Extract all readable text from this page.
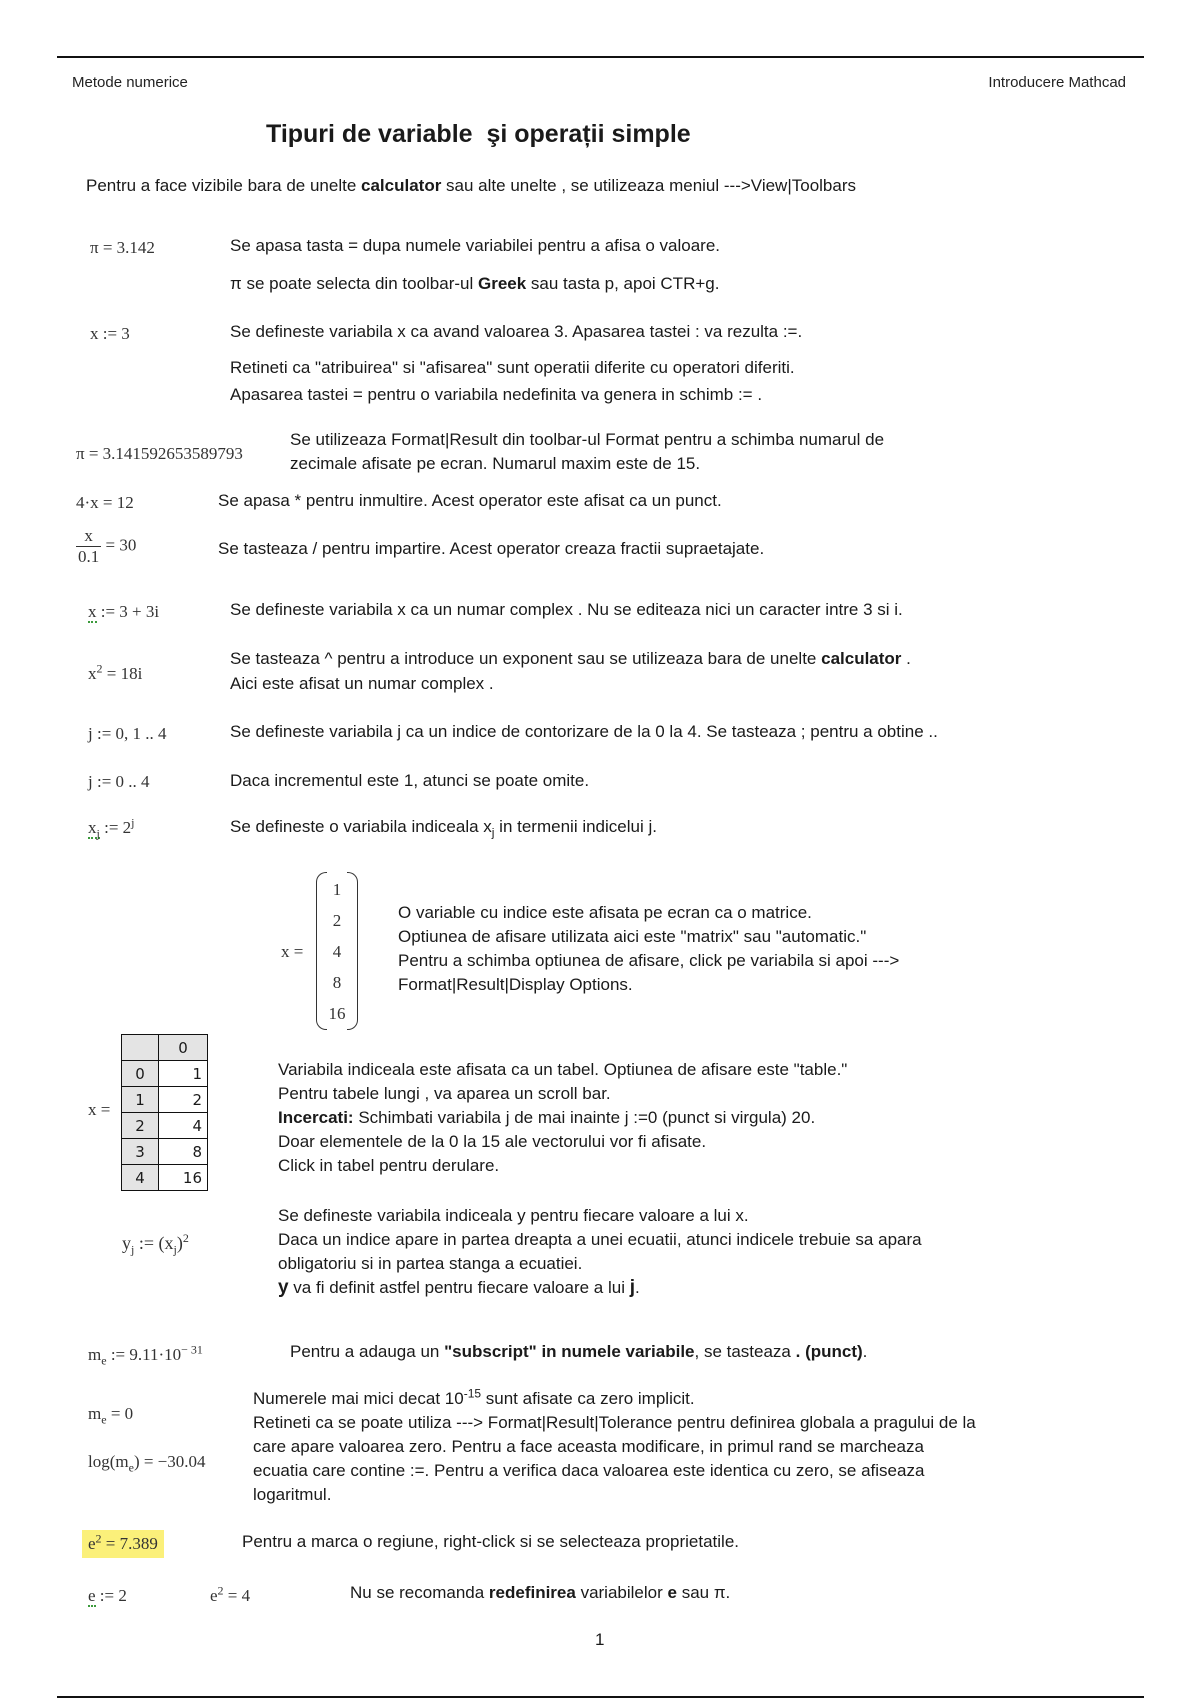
Metode numerice	Introducere Mathcad
Tipuri de variable  şi operații simple
Pentru a face vizibile bara de unelte calculator sau alte unelte , se utilizeaza meniul --->View|Toolbars
π = 3.142	Se apasa tasta = dupa numele variabilei pentru a afisa o valoare.
π se poate selecta din toolbar-ul Greek sau tasta p, apoi CTR+g.
x := 3	Se defineste variabila x ca avand valoarea 3. Apasarea tastei : va rezulta :=.
Retineti ca "atribuirea" si "afisarea" sunt operatii diferite cu operatori diferiti.
Apasarea tastei = pentru o variabila nedefinita va genera in schimb := .
π = 3.141592653589793
Se utilizeaza Format|Result din toolbar-ul Format pentru a schimba numarul de
zecimale afisate pe ecran. Numarul maxim este de 15.
4·x = 12	Se apasa * pentru inmultire. Acest operator este afisat ca un punct.
$\frac{x}{0.1} = 30$	Se tasteaza / pentru impartire. Acest operator creaza fractii supraetajate.
x := 3 + 3i	Se defineste variabila x ca un numar complex . Nu se editeaza nici un caracter intre 3 si i.
$x^2 = 18i$
Se tasteaza ^ pentru a introduce un exponent sau se utilizeaza bara de unelte calculator .
Aici este afisat un numar complex .
j := 0, 1 .. 4	Se defineste variabila j ca un indice de contorizare de la 0 la 4. Se tasteaza ; pentru a obtine ..
j := 0 .. 4	Daca incrementul este 1, atunci se poate omite.
$x_j$ := $2^j$	Se defineste o variabila indiceala $x_j$ in termenii indicelui j.
x =
1
2
4
8
16
O variable cu indice este afisata pe ecran ca o matrice.
Optiunea de afisare utilizata aici este "matrix" sau "automatic."
Pentru a schimba optiunea de afisare, click pe variabila si apoi --->
Format|Result|Display Options.
x =
	0
0	1
1	2
2	4
3	8
4	16
Variabila indiceala este afisata ca un tabel. Optiunea de afisare este "table."
Pentru tabele lungi , va aparea un scroll bar.
Incercati: Schimbati variabila j de mai inainte j :=0 (punct si virgula) 20.
Doar elementele de la 0 la 15 ale vectorului vor fi afisate.
Click in tabel pentru derulare.
$y_j$ := $(x_j)^2$
Se defineste variabila indiceala y pentru fiecare valoare a lui x.
Daca un indice apare in partea dreapta a unei ecuatii, atunci indicele trebuie sa apara
obligatoriu si in partea stanga a ecuatiei.
y va fi definit astfel pentru fiecare valoare a lui j.
$m_e$ := $9.11\cdot 10^{- 31}$	Pentru a adauga un "subscript" in numele variabile, se tasteaza . (punct).
$m_e = 0$
$\log(m_e) = -30.04$
Numerele mai mici decat $10^{-15}$ sunt afisate ca zero implicit.
Retineti ca se poate utiliza ---> Format|Result|Tolerance pentru definirea globala a pragului de la
care apare valoarea zero. Pentru a face aceasta modificare, in primul rand se marcheaza
ecuatia care contine :=. Pentru a verifica daca valoarea este identica cu zero, se afiseaza
logaritmul.
$e^2 = 7.389$	Pentru a marca o regiune, right-click si se selecteaza proprietatile.
e := 2	$e^2 = 4$	Nu se recomanda redefinirea variabilelor e sau π.
1
